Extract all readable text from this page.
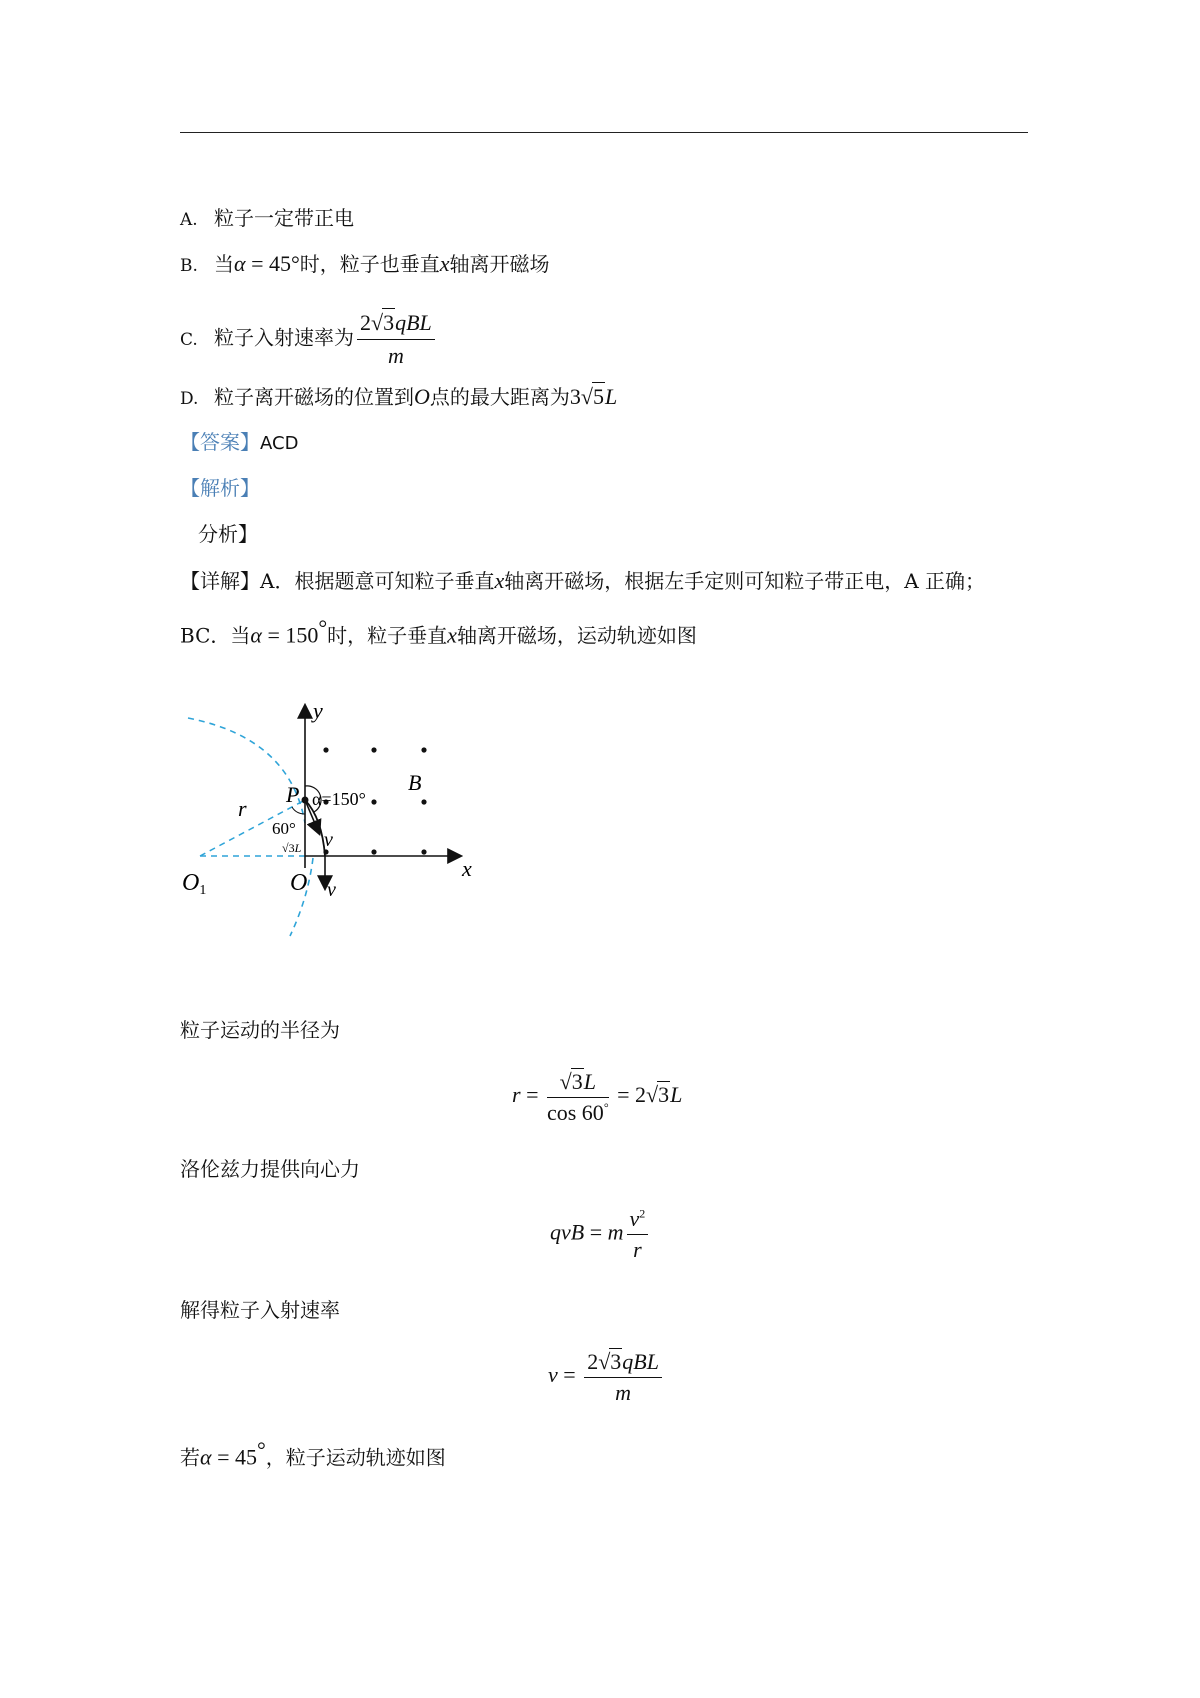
A. 粒子一定带正电
B. 当α = 45°时，粒子也垂直x轴离开磁场
C. 粒子入射速率为 $\frac{\text{2√3qBL}}{m}$
D. 粒子离开磁场的位置到O点的最大距离为3√5L
【答案】ACD
【解析】
分析】
【详解】A．根据题意可知粒子垂直x轴离开磁场，根据左手定则可知粒子带正电，A 正确；
BC．当α = 150°时，粒子垂直x轴离开磁场，运动轨迹如图
y
x
B
P α=150°
r
60°
√3L v
v
O1	O
粒子运动的半径为
$r = \frac{√3L}{\cos 60^\circ} = 2√3L$
洛伦兹力提供向心力
qvB = m $\frac{v^2}{r}$
解得粒子入射速率
$v = \frac{\text{2√3qBL}}{m}$
若α = 45°，粒子运动轨迹如图
